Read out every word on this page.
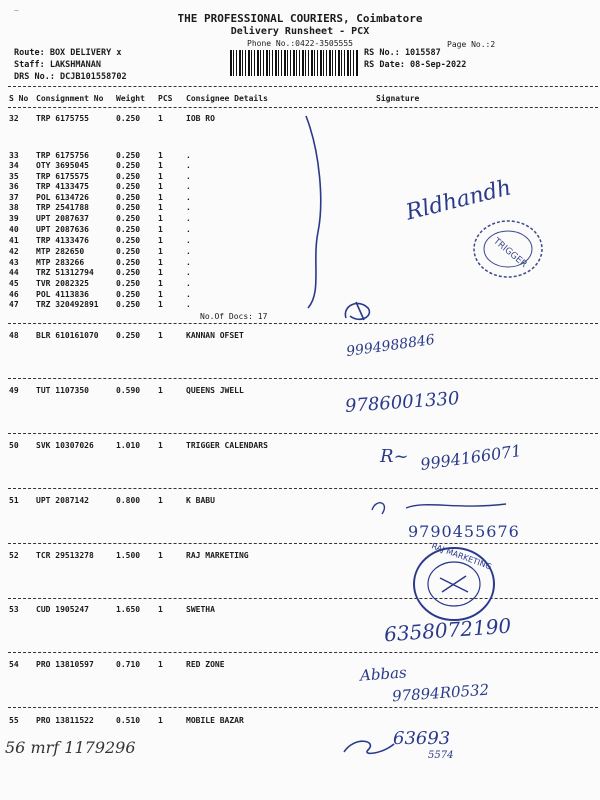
~
THE PROFESSIONAL COURIERS, Coimbatore
Delivery Runsheet - PCX
Phone No.:0422-3505555	Page No.:2
Route: BOX DELIVERY x
Staff: LAKSHMANAN
DRS No.: DCJB101558702
RS No.: 1015587
RS Date: 08-Sep-2022
S No Consignment No Weight PCS Consignee Details	Signature
32 TRP 6175755	0.250 1	IOB RO
33 TRP 6175756	0.250 1	.
34 OTY 3695045	0.250 1	.
35 TRP 6175575	0.250 1	.
36 TRP 4133475	0.250 1	.
37 POL 6134726	0.250 1	.
38 TRP 2541788	0.250 1	.
39 UPT 2087637	0.250 1	.
40 UPT 2087636	0.250 1	.
41 TRP 4133476	0.250 1	.
42 MTP 282650	0.250 1	.
43 MTP 283266	0.250 1	.
44 TRZ 51312794	0.250 1	.
45 TVR 2082325	0.250 1	.
46 POL 4113836	0.250 1	.
47 TRZ 320492891 0.250 1	.
No.Of Docs: 17
48 BLR 610161070 0.250 1	KANNAN OFSET
49 TUT 1107350	0.590 1	QUEENS JWELL
50 SVK 10307026	1.010 1	TRIGGER CALENDARS
51 UPT 2087142	0.800 1	K BABU
52 TCR 29513278	1.500 1	RAJ MARKETING
53 CUD 1905247	1.650 1	SWETHA
54 PRO 13810597	0.710 1	RED ZONE
55 PRO 13811522	0.510 1	MOBILE BAZAR
TRIGGER
RAJ MARKETING
Rldhandh
9994988846
9786001330
R~ 9994166071
9790455676
6358072190
Abbas
97894R0532
63693
5574
56 mrf 1179296
